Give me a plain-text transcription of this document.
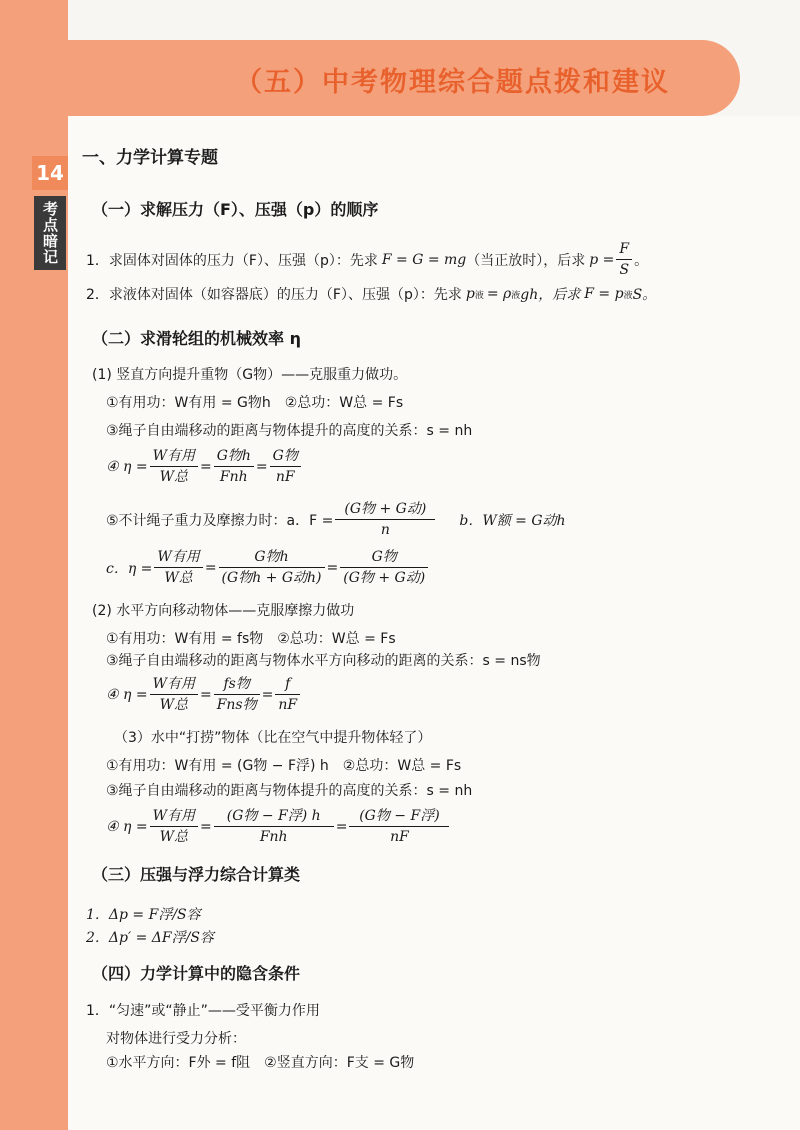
（五）中考物理综合题点拨和建议
14
考点暗记
一、力学计算专题
（一）求解压力（F）、压强（p）的顺序
1．求固体对固体的压力（F）、压强（p）：先求 F = G = mg （当正放时），后求 $p = \frac{F}{S}$ 。
2．求液体对固体（如容器底）的压力（F）、压强（p）：先求 p 液 = ρ 液 gh，后求 F = p 液 S。
（二）求滑轮组的机械效率 η
(1) 竖直方向提升重物（G物）——克服重力做功。
①有用功：W有用 = G物h　②总功：W总 = Fs
③绳子自由端移动的距离与物体提升的高度的关系：s = nh
④ $\eta = \frac{\text{W有用}}{\text{W总}} = \frac{\text{G物h}}{\text{Fnh}} = \frac{\text{G物}}{nF}$
⑤不计绳子重力及摩擦力时：a．$F = \frac{\text{(G物 + G动)}}{n}$ b．W额 = G动h
c．$\eta = \frac{\text{W有用}}{\text{W总}} = \frac{\text{G物h}}{\text{(G物h + G动h)}} = \frac{\text{G物}}{\text{(G物 + G动)}}$
(2) 水平方向移动物体——克服摩擦力做功
①有用功：W有用 = fs物　②总功：W总 = Fs
③绳子自由端移动的距离与物体水平方向移动的距离的关系：s = ns物
④ $\eta = \frac{\text{W有用}}{\text{W总}} = \frac{\text{fs物}}{\text{Fns物}} = \frac{f}{nF}$
（3）水中“打捞”物体（比在空气中提升物体轻了）
①有用功：W有用 = (G物 − F浮) h　②总功：W总 = Fs
③绳子自由端移动的距离与物体提升的高度的关系：s = nh
④ $\eta = \frac{\text{W有用}}{\text{W总}} = \frac{\text{(G物 − F浮) h}}{\text{Fnh}} = \frac{\text{(G物 − F浮)}}{nF}$
（三）压强与浮力综合计算类
1．Δp = F浮/S容
2．Δp′ = ΔF浮/S容
（四）力学计算中的隐含条件
1．“匀速”或“静止”——受平衡力作用
对物体进行受力分析：
①水平方向：F外 = f阻　②竖直方向：F支 = G物
